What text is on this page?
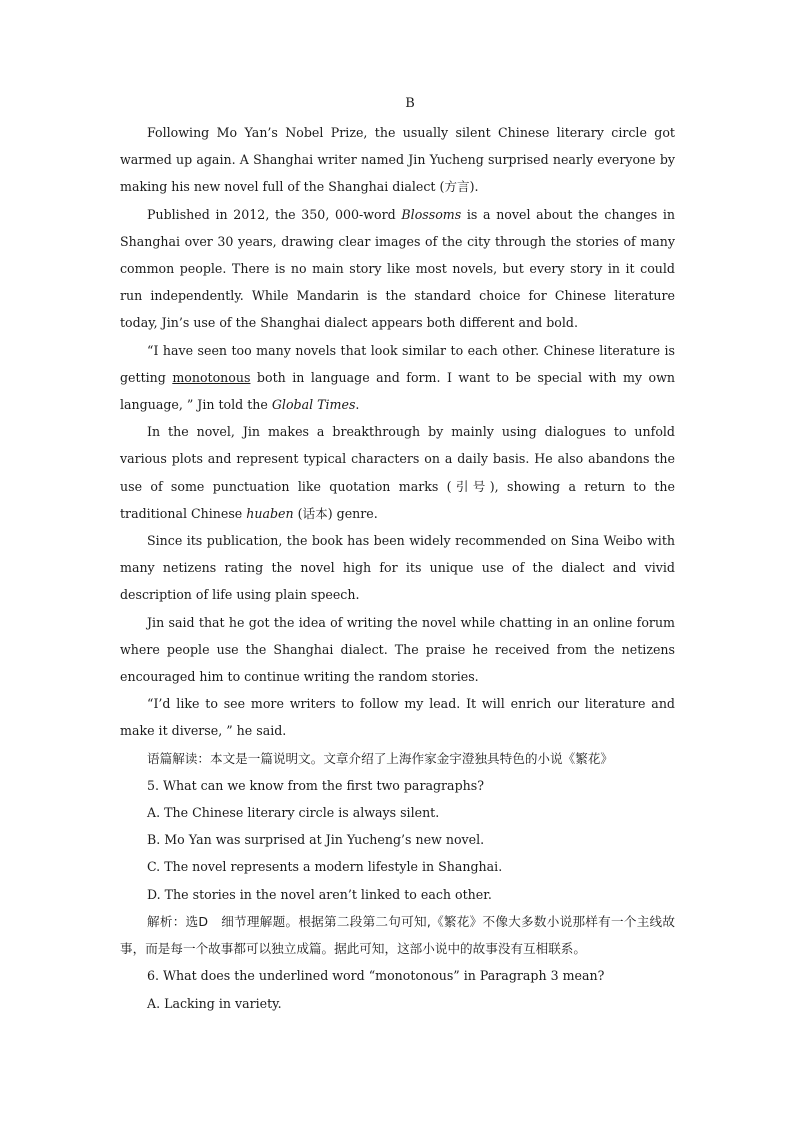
B

Following Mo Yan’s Nobel Prize, the usually silent Chinese literary circle got warmed up again. A Shanghai writer named Jin Yucheng surprised nearly everyone by making his new novel full of the Shanghai dialect (方言).

Published in 2012, the 350, 000-word Blossoms is a novel about the changes in Shanghai over 30 years, drawing clear images of the city through the stories of many common people. There is no main story like most novels, but every story in it could run independently. While Mandarin is the standard choice for Chinese literature today, Jin’s use of the Shanghai dialect appears both different and bold.

“I have seen too many novels that look similar to each other. Chinese literature is getting monotonous both in language and form. I want to be special with my own language, ” Jin told the Global Times.

In the novel, Jin makes a breakthrough by mainly using dialogues to unfold various plots and represent typical characters on a daily basis. He also abandons the use of some punctuation like quotation marks (引号), showing a return to the traditional Chinese huaben (话本) genre.

Since its publication, the book has been widely recommended on Sina Weibo with many netizens rating the novel high for its unique use of the dialect and vivid description of life using plain speech.

Jin said that he got the idea of writing the novel while chatting in an online forum where people use the Shanghai dialect. The praise he received from the netizens encouraged him to continue writing the random stories.

“I’d like to see more writers to follow my lead. It will enrich our literature and make it diverse, ” he said.

语篇解读：本文是一篇说明文。文章介绍了上海作家金宇澄独具特色的小说《繁花》

5. What can we know from the first two paragraphs?

A. The Chinese literary circle is always silent.

B. Mo Yan was surprised at Jin Yucheng’s new novel.

C. The novel represents a modern lifestyle in Shanghai.

D. The stories in the novel aren’t linked to each other.

解析：选D　细节理解题。根据第二段第二句可知,《繁花》不像大多数小说那样有一个主线故事，而是每一个故事都可以独立成篇。据此可知，这部小说中的故事没有互相联系。

6. What does the underlined word “monotonous” in Paragraph 3 mean?

A. Lacking in variety.
